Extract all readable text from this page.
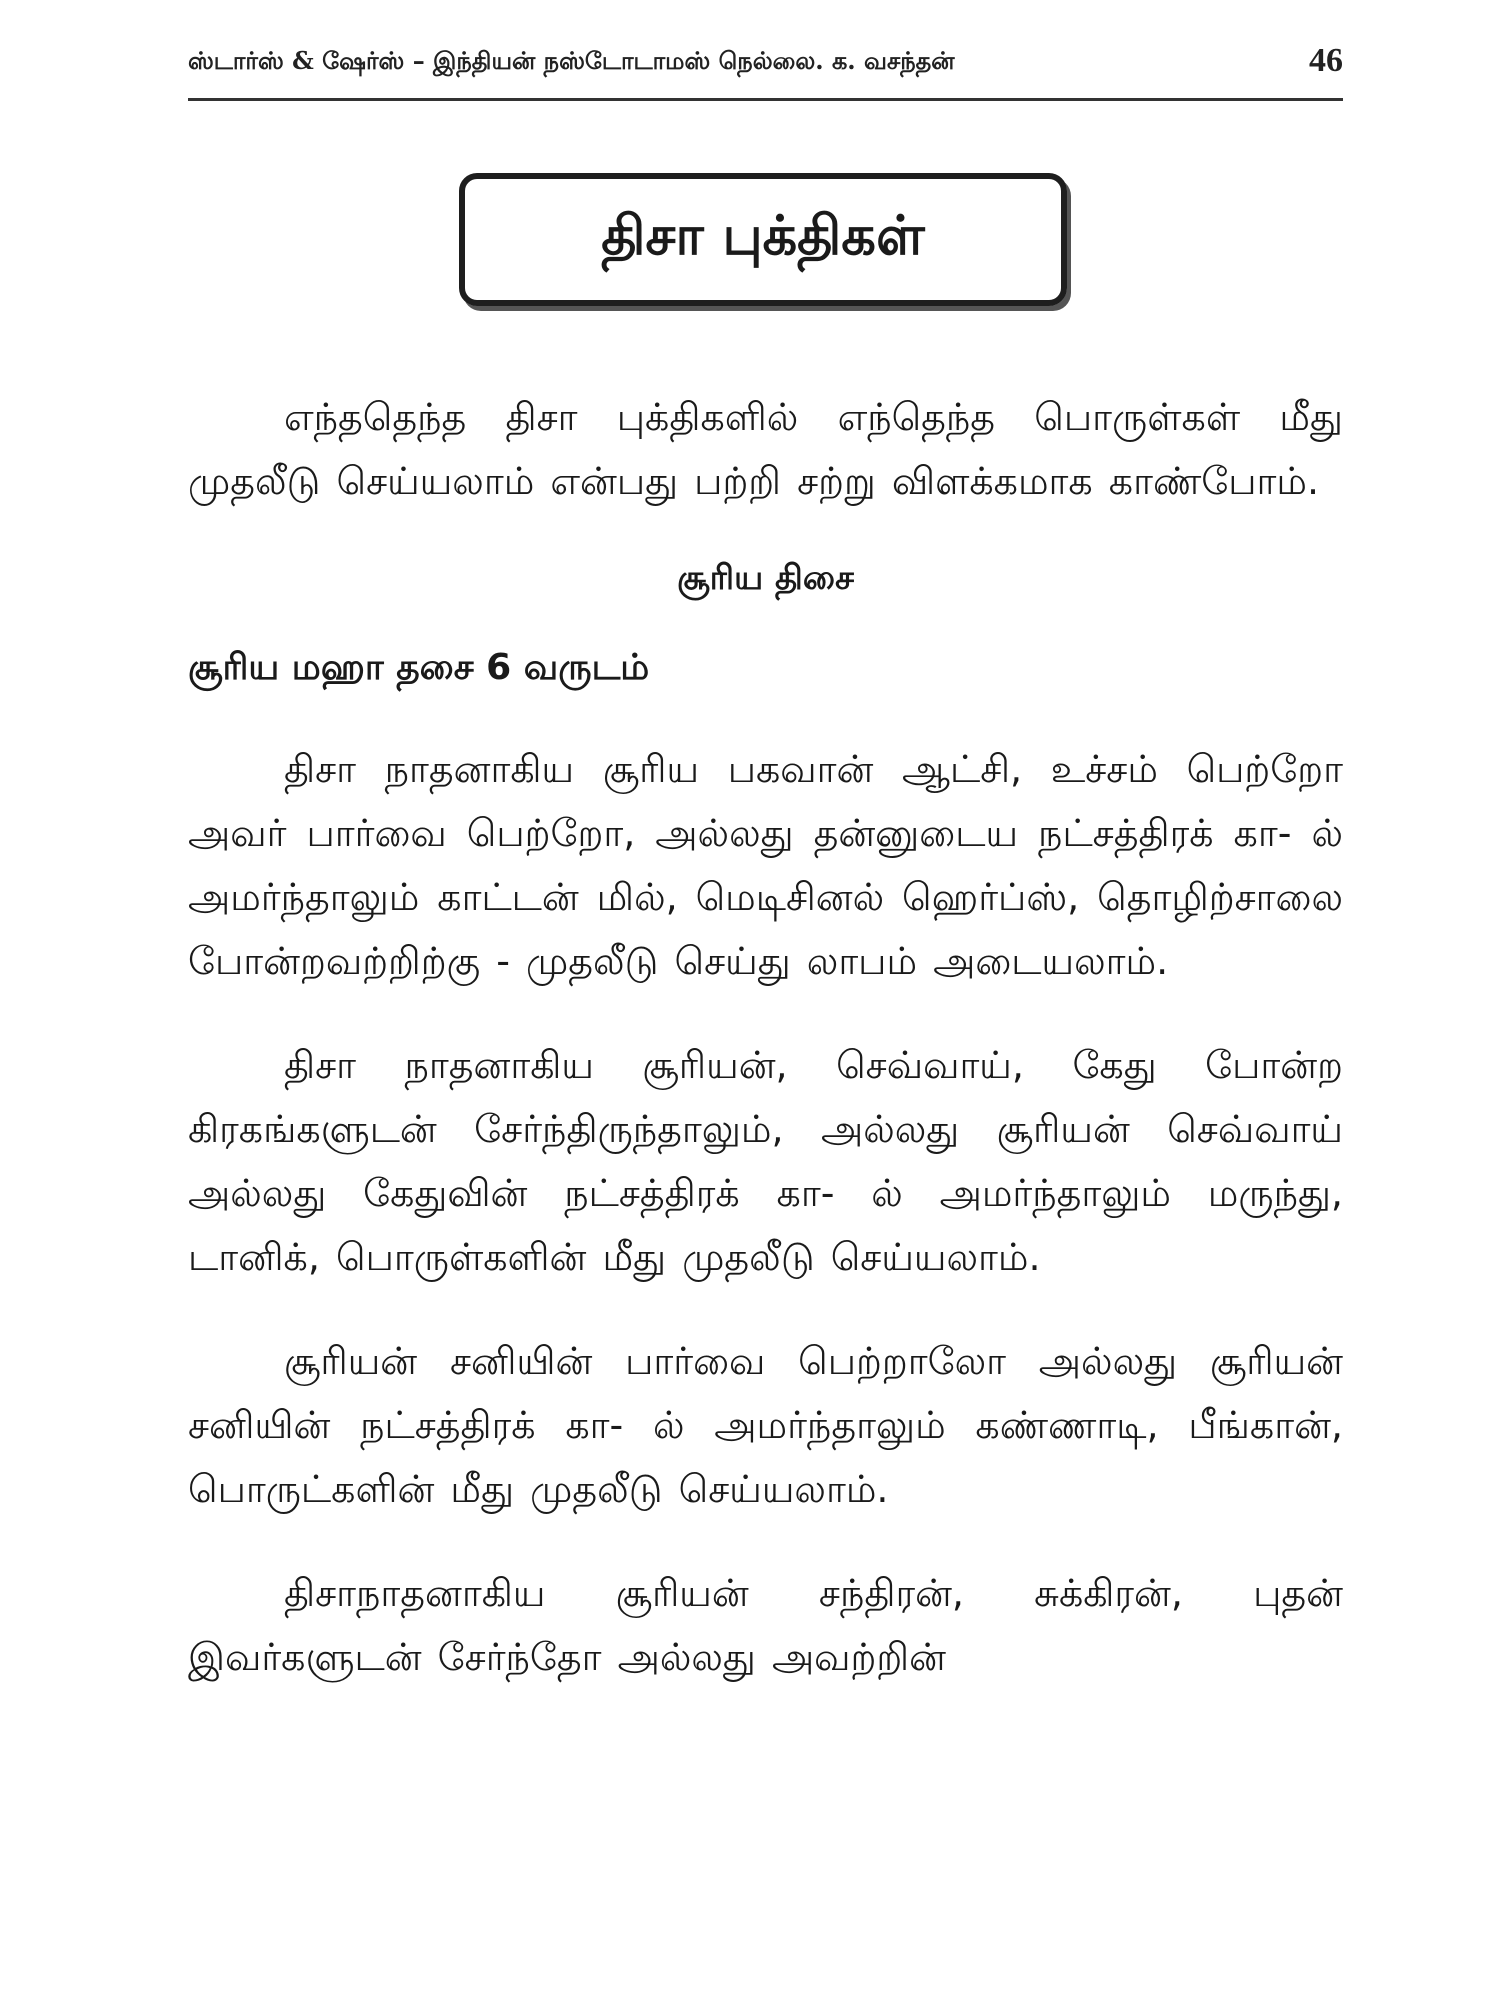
ஸ்டார்ஸ் & ஷேர்ஸ் – இந்தியன் நஸ்டோடாமஸ் நெல்லை. க. வசந்தன்	46
திசா புக்திகள்

எந்ததெந்த திசா புக்திகளில் எந்தெந்த பொருள்கள் மீது முதலீடு செய்யலாம் என்பது பற்றி சற்று விளக்கமாக காண்போம்.

சூரிய திசை
சூரிய மஹா தசை 6 வருடம்

திசா நாதனாகிய சூரிய பகவான் ஆட்சி, உச்சம் பெற்றோ அவர் பார்வை பெற்றோ, அல்லது தன்னுடைய நட்சத்திரக் கா- ல் அமர்ந்தாலும் காட்டன் மில், மெடிசினல் ஹெர்ப்ஸ், தொழிற்சாலை போன்றவற்றிற்கு - முதலீடு செய்து லாபம் அடையலாம்.

திசா நாதனாகிய சூரியன், செவ்வாய், கேது போன்ற கிரகங்களுடன் சேர்ந்திருந்தாலும், அல்லது சூரியன் செவ்வாய் அல்லது கேதுவின் நட்சத்திரக் கா- ல் அமர்ந்தாலும் மருந்து, டானிக், பொருள்களின் மீது முதலீடு செய்யலாம்.

சூரியன் சனியின் பார்வை பெற்றாலோ அல்லது சூரியன் சனியின் நட்சத்திரக் கா- ல் அமர்ந்தாலும் கண்ணாடி, பீங்கான், பொருட்களின் மீது முதலீடு செய்யலாம்.

திசாநாதனாகிய சூரியன் சந்திரன், சுக்கிரன், புதன் இவர்களுடன் சேர்ந்தோ அல்லது அவற்றின்
